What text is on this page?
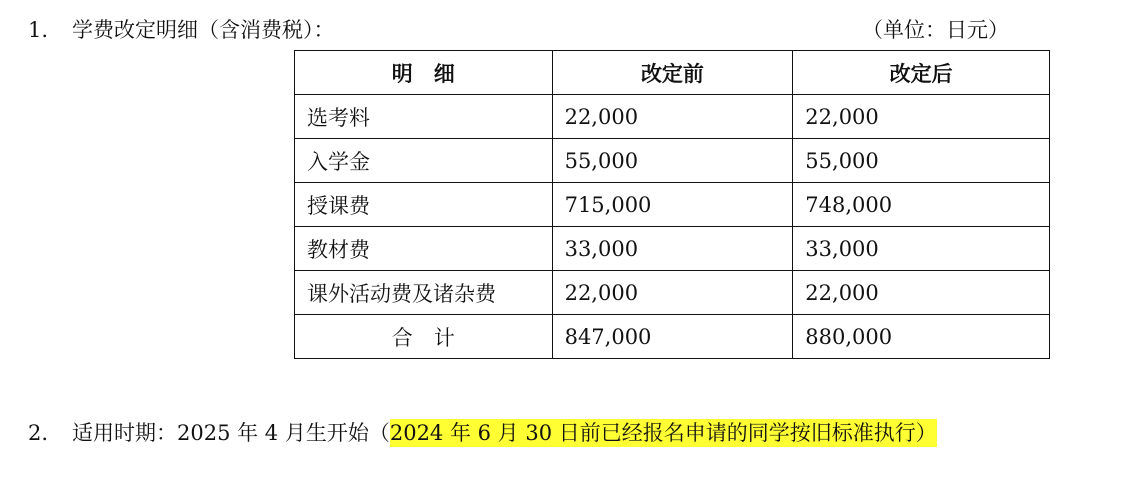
1. 学费改定明细（含消费税）：	（单位：日元）
明　细	改定前	改定后
选考料	22,000	22,000
入学金	55,000	55,000
授课费	715,000	748,000
教材费	33,000	33,000
课外活动费及诸杂费	22,000	22,000
合　计	847,000	880,000
2. 适用时期：2025 年 4 月生开始（2024 年 6 月 30 日前已经报名申请的同学按旧标准执行）
